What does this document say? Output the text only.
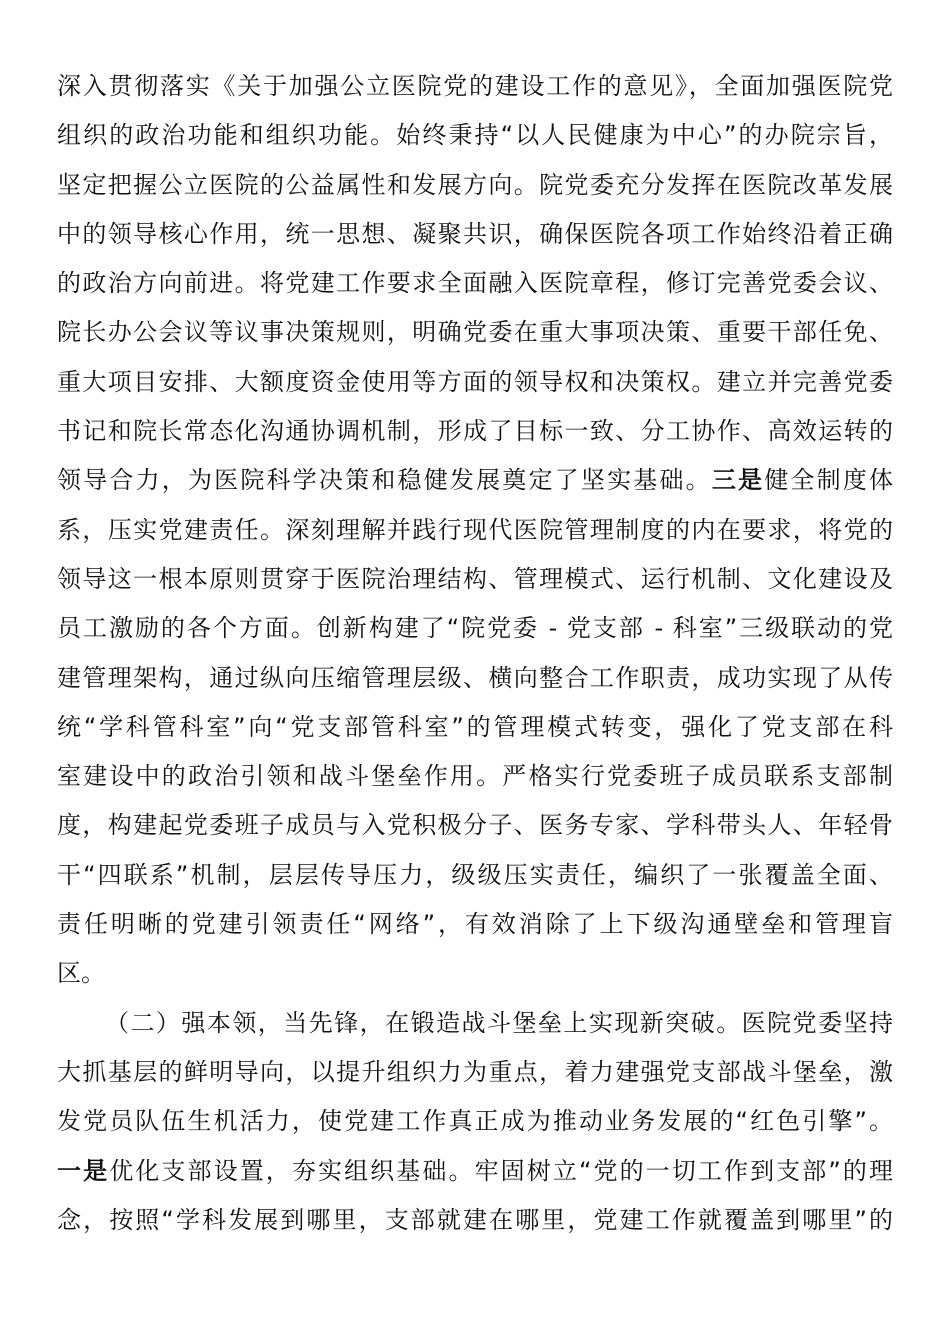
深入贯彻落实《关于加强公立医院党的建设工作的意见》，全面加强医院党
组织的政治功能和组织功能。始终秉持“以人民健康为中心”的办院宗旨，
坚定把握公立医院的公益属性和发展方向。院党委充分发挥在医院改革发展
中的领导核心作用，统一思想、凝聚共识，确保医院各项工作始终沿着正确
的政治方向前进。将党建工作要求全面融入医院章程，修订完善党委会议、
院长办公会议等议事决策规则，明确党委在重大事项决策、重要干部任免、
重大项目安排、大额度资金使用等方面的领导权和决策权。建立并完善党委
书记和院长常态化沟通协调机制，形成了目标一致、分工协作、高效运转的
领导合力，为医院科学决策和稳健发展奠定了坚实基础。三是健全制度体
系，压实党建责任。深刻理解并践行现代医院管理制度的内在要求，将党的
领导这一根本原则贯穿于医院治理结构、管理模式、运行机制、文化建设及
员工激励的各个方面。创新构建了“院党委 - 党支部 - 科室”三级联动的党
建管理架构，通过纵向压缩管理层级、横向整合工作职责，成功实现了从传
统“学科管科室”向“党支部管科室”的管理模式转变，强化了党支部在科
室建设中的政治引领和战斗堡垒作用。严格实行党委班子成员联系支部制
度，构建起党委班子成员与入党积极分子、医务专家、学科带头人、年轻骨
干“四联系”机制，层层传导压力，级级压实责任，编织了一张覆盖全面、
责任明晰的党建引领责任“网络”，有效消除了上下级沟通壁垒和管理盲
区。
（二）强本领，当先锋，在锻造战斗堡垒上实现新突破。医院党委坚持
大抓基层的鲜明导向，以提升组织力为重点，着力建强党支部战斗堡垒，激
发党员队伍生机活力，使党建工作真正成为推动业务发展的“红色引擎”。
一是优化支部设置，夯实组织基础。牢固树立“党的一切工作到支部”的理
念，按照“学科发展到哪里，支部就建在哪里，党建工作就覆盖到哪里”的
